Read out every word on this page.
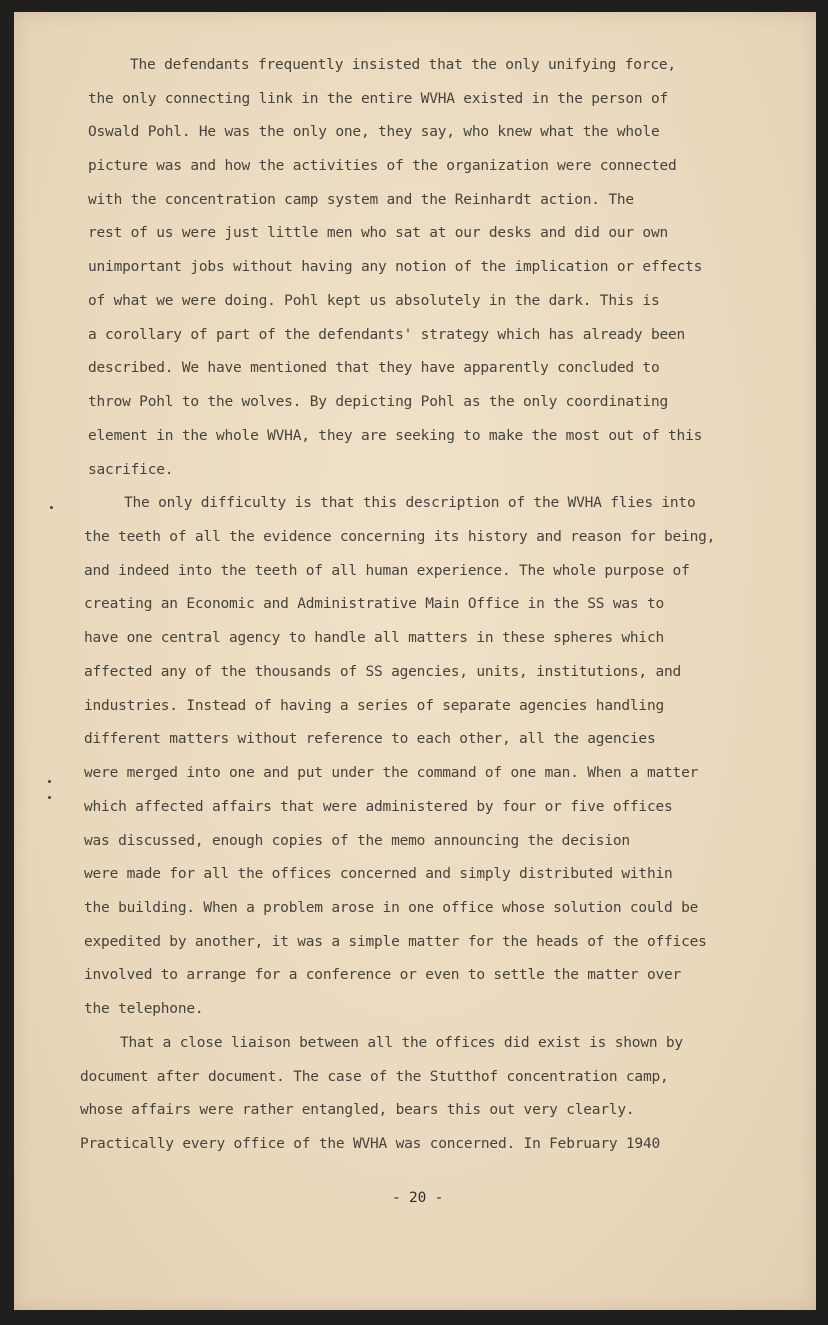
The defendants frequently insisted that the only unifying force,
the only connecting link in the entire WVHA existed in the person of
Oswald Pohl. He was the only one, they say, who knew what the whole
picture was and how the activities of the organization were connected
with the concentration camp system and the Reinhardt action. The
rest of us were just little men who sat at our desks and did our own
unimportant jobs without having any notion of the implication or effects
of what we were doing. Pohl kept us absolutely in the dark. This is
a corollary of part of the defendants' strategy which has already been
described. We have mentioned that they have apparently concluded to
throw Pohl to the wolves. By depicting Pohl as the only coordinating
element in the whole WVHA, they are seeking to make the most out of this
sacrifice.
The only difficulty is that this description of the WVHA flies into
the teeth of all the evidence concerning its history and reason for being,
and indeed into the teeth of all human experience. The whole purpose of
creating an Economic and Administrative Main Office in the SS was to
have one central agency to handle all matters in these spheres which
affected any of the thousands of SS agencies, units, institutions, and
industries. Instead of having a series of separate agencies handling
different matters without reference to each other, all the agencies
were merged into one and put under the command of one man. When a matter
which affected affairs that were administered by four or five offices
was discussed, enough copies of the memo announcing the decision
were made for all the offices concerned and simply distributed within
the building. When a problem arose in one office whose solution could be
expedited by another, it was a simple matter for the heads of the offices
involved to arrange for a conference or even to settle the matter over
the telephone.
That a close liaison between all the offices did exist is shown by
document after document. The case of the Stutthof concentration camp,
whose affairs were rather entangled, bears this out very clearly.
Practically every office of the WVHA was concerned. In February 1940
- 20 -
